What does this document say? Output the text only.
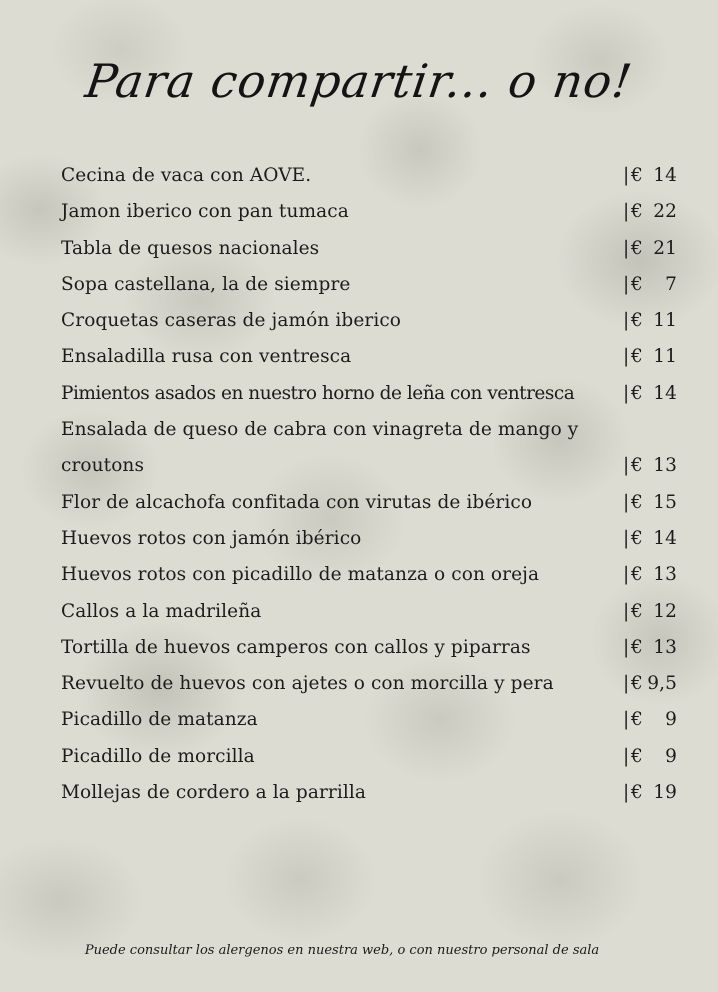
Para compartir... o no!
Cecina de vaca con AOVE.	|€ 14
Jamon iberico con pan tumaca	|€ 22
Tabla de quesos nacionales	|€ 21
Sopa castellana, la de siempre	|€ 7
Croquetas caseras de jamón iberico	|€ 11
Ensaladilla rusa con ventresca	|€ 11
Pimientos asados en nuestro horno de leña con ventresca	|€ 14
Ensalada de queso de cabra con vinagreta de mango y croutons	|€ 13
Flor de alcachofa confitada con virutas de ibérico	|€ 15
Huevos rotos con jamón ibérico	|€ 14
Huevos rotos con picadillo de matanza o con oreja	|€ 13
Callos a la madrileña	|€ 12
Tortilla de huevos camperos con callos y piparras	|€ 13
Revuelto de huevos con ajetes o con morcilla y pera	|€ 9,5
Picadillo de matanza	|€ 9
Picadillo de morcilla	|€ 9
Mollejas de cordero a la parrilla	|€ 19
Puede consultar los alergenos en nuestra web, o con nuestro personal de sala
